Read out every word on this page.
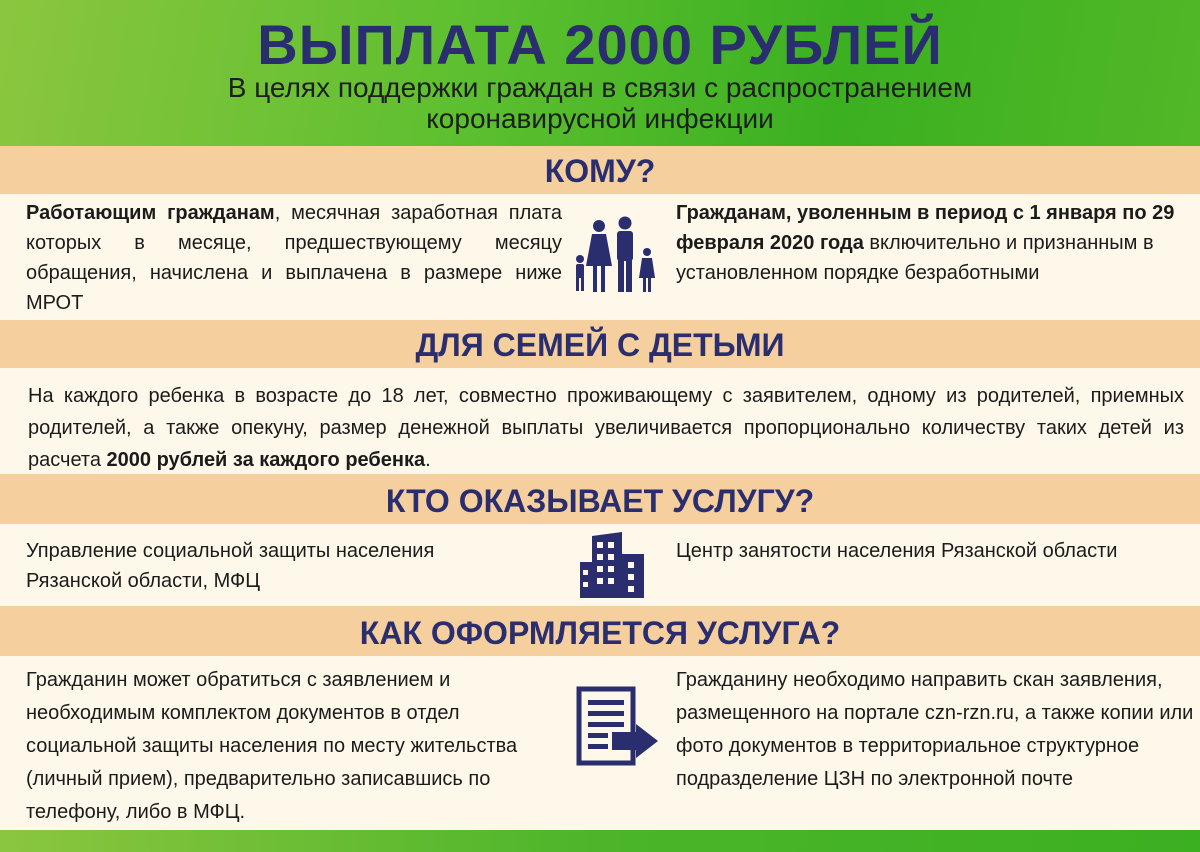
ВЫПЛАТА 2000 РУБЛЕЙ
В целях поддержки граждан в связи с распространением
коронавирусной инфекции
КОМУ?
Работающим гражданам, месячная заработная плата которых в месяце, предшествующему месяцу обращения, начислена и выплачена в размере ниже МРОТ
Гражданам, уволенным в период с 1 января по 29 февраля 2020 года включительно и признанным в установленном порядке безработными
ДЛЯ СЕМЕЙ С ДЕТЬМИ
На каждого ребенка в возрасте до 18 лет, совместно проживающему с заявителем, одному из родителей, приемных родителей, а также опекуну, размер денежной выплаты увеличивается пропорционально количеству таких детей из расчета 2000 рублей за каждого ребенка.
КТО ОКАЗЫВАЕТ УСЛУГУ?
Управление социальной защиты населения Рязанской области, МФЦ
Центр занятости населения Рязанской области
КАК ОФОРМЛЯЕТСЯ УСЛУГА?
Гражданин может обратиться с заявлением и необходимым комплектом документов в отдел социальной защиты населения по месту жительства (личный прием), предварительно записавшись по телефону, либо в МФЦ.
Гражданину необходимо направить скан заявления, размещенного на портале czn-rzn.ru, а также копии или фото документов в территориальное структурное подразделение ЦЗН по электронной почте
